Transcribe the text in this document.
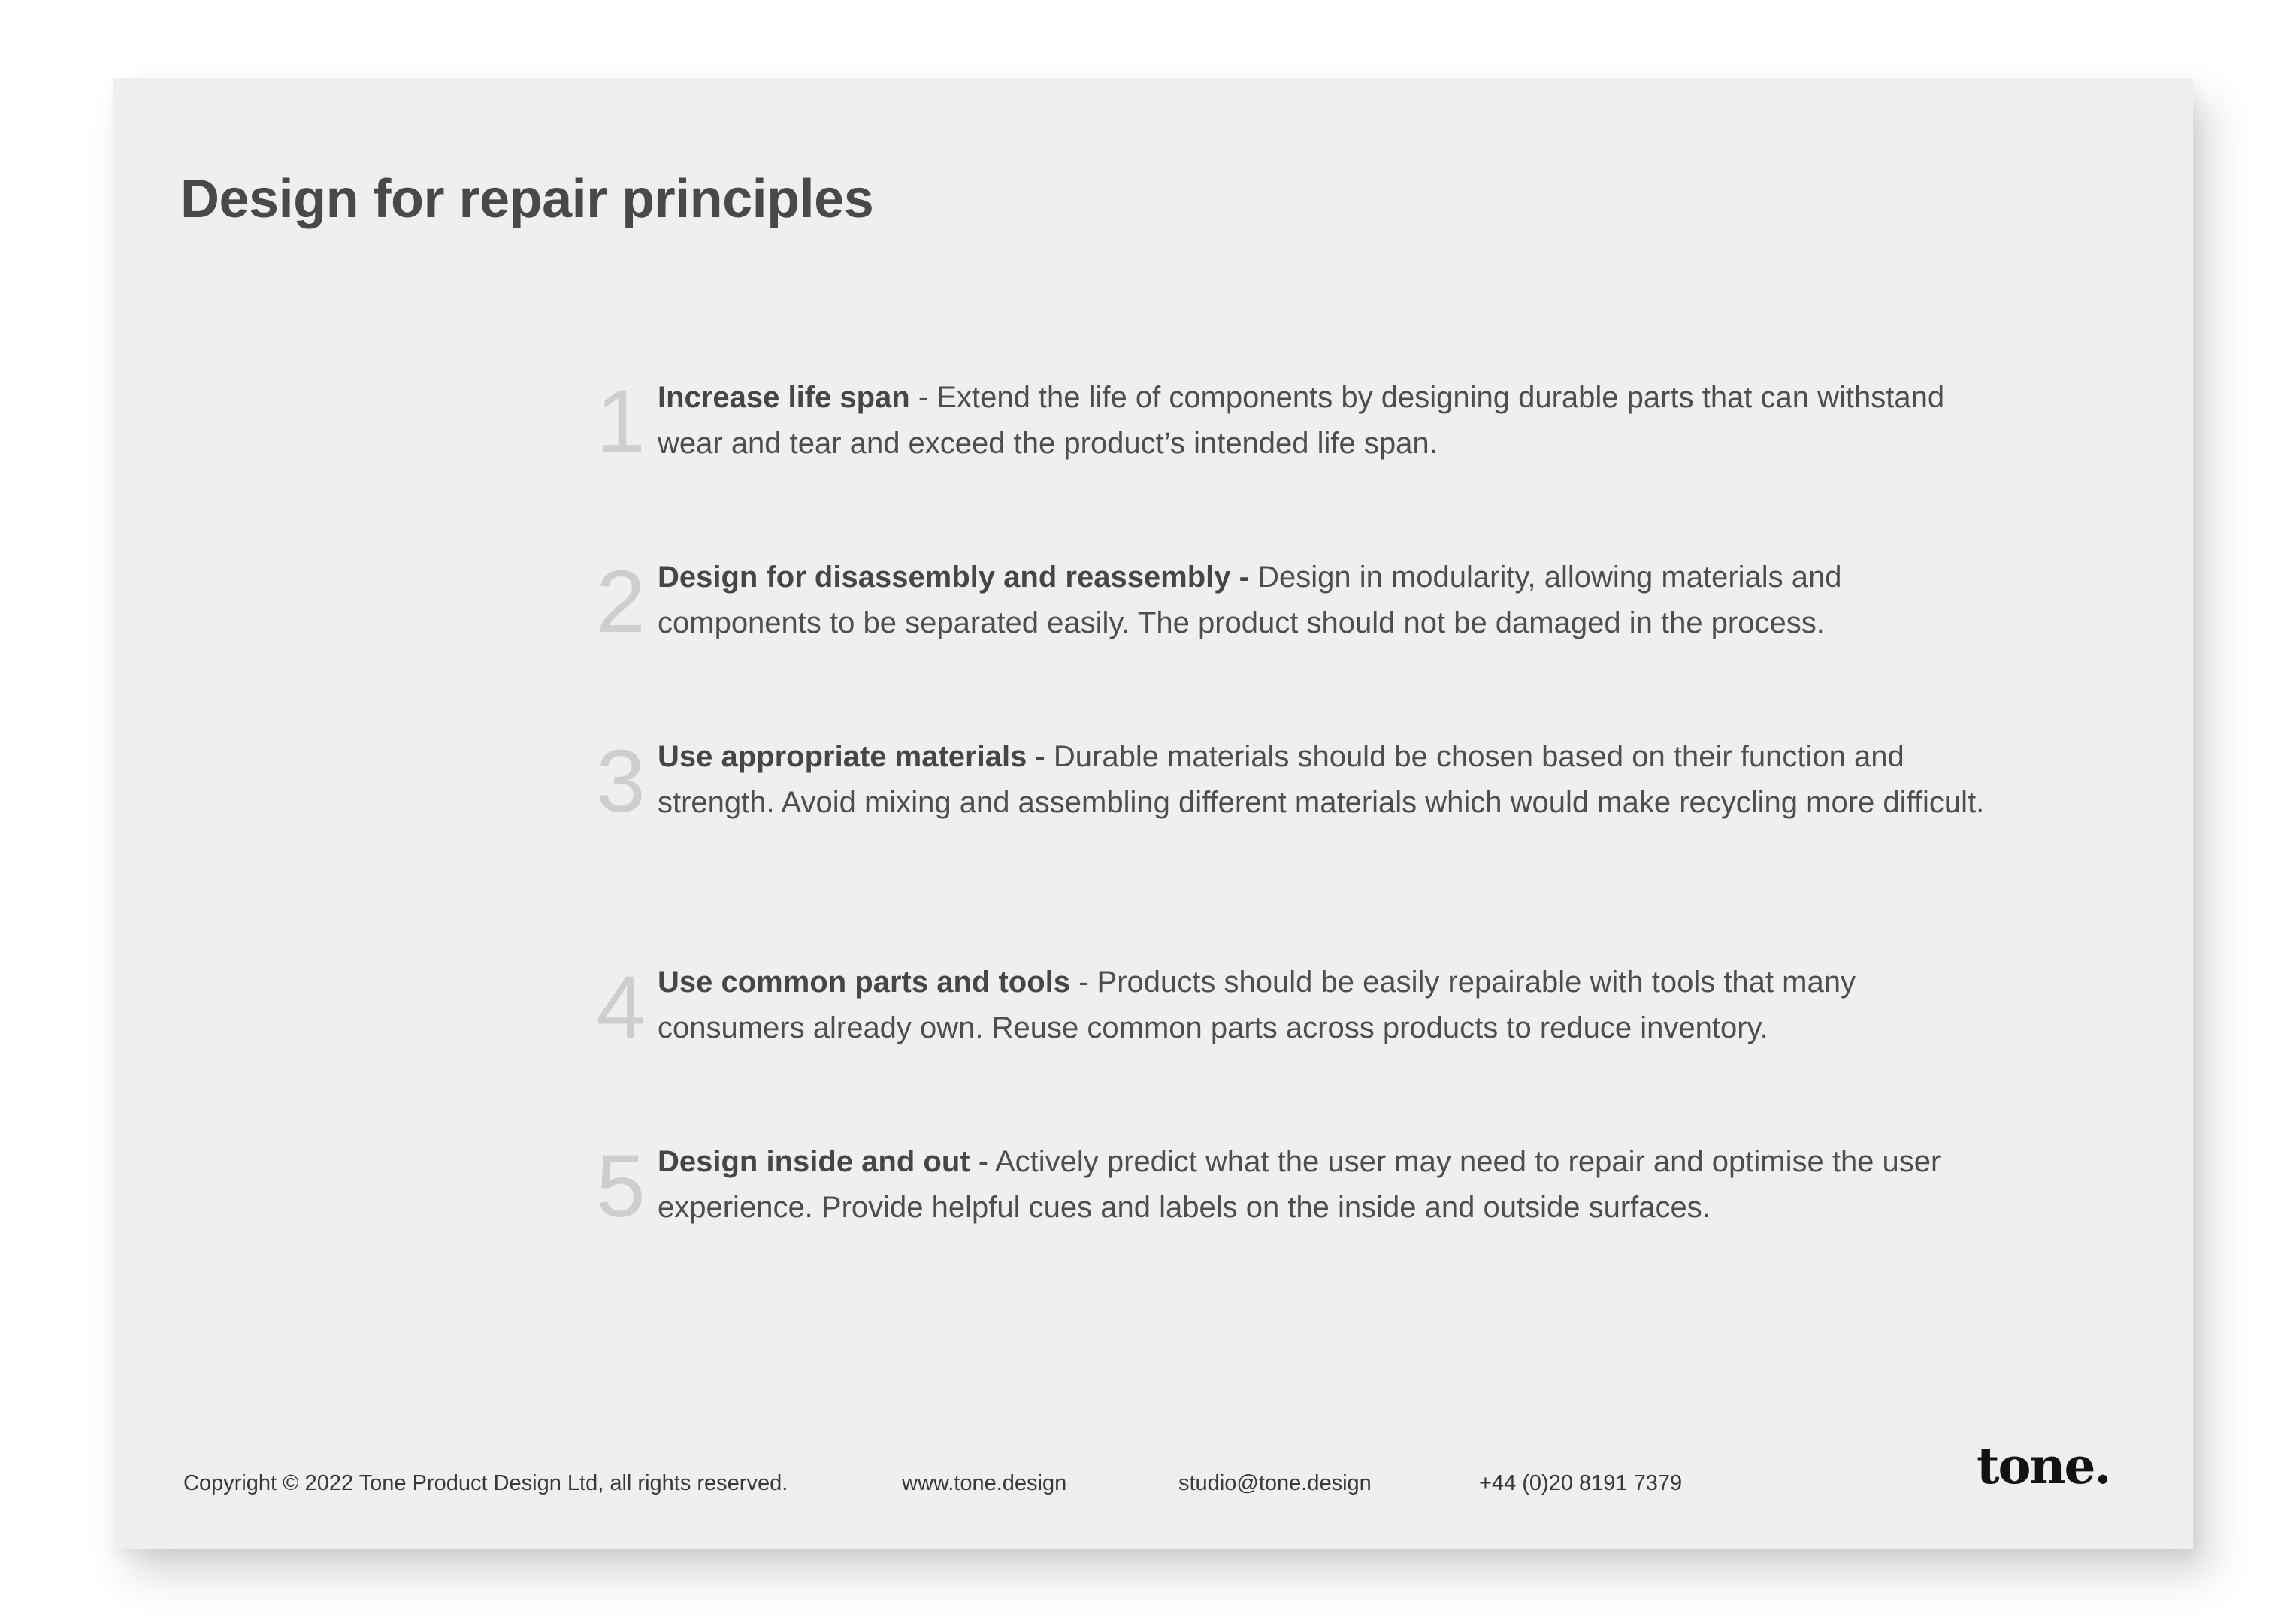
Design for repair principles
1 Increase life span - Extend the life of components by designing durable parts that can withstand wear and tear and exceed the product’s intended life span.

2 Design for disassembly and reassembly - Design in modularity, allowing materials and components to be separated easily. The product should not be damaged in the process.

3 Use appropriate materials - Durable materials should be chosen based on their function and strength. Avoid mixing and assembling different materials which would make recycling more difficult.

4 Use common parts and tools - Products should be easily repairable with tools that many consumers already own. Reuse common parts across products to reduce inventory.

5 Design inside and out - Actively predict what the user may need to repair and optimise the user experience. Provide helpful cues and labels on the inside and outside surfaces.

Copyright © 2022 Tone Product Design Ltd, all rights reserved.	www.tone.design	studio@tone.design	+44 (0)20 8191 7379	tone.
